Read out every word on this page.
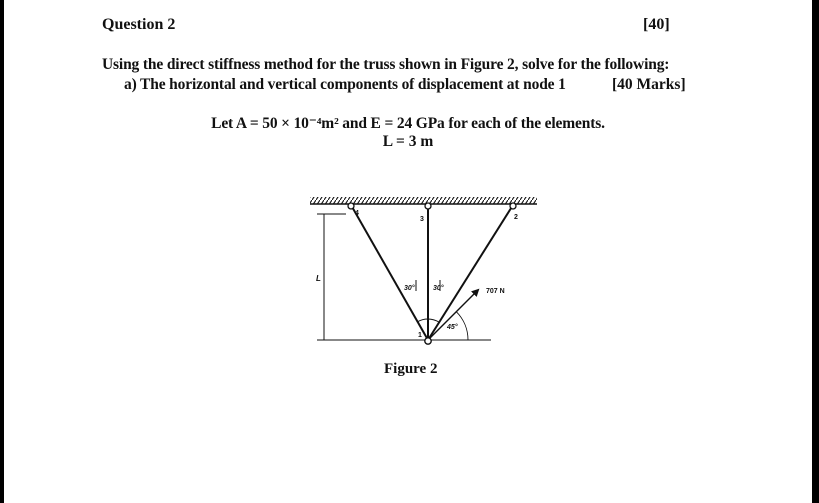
Question 2	[40]
Using the direct stiffness method for the truss shown in Figure 2, solve for the following:
a) The horizontal and vertical components of displacement at node 1	[40 Marks]
Let A = 50 × 10⁻⁴m² and E = 24 GPa for each of the elements.
L = 3 m
L
30°	30°	707 N
45°
1
4
3	2
Figure 2
